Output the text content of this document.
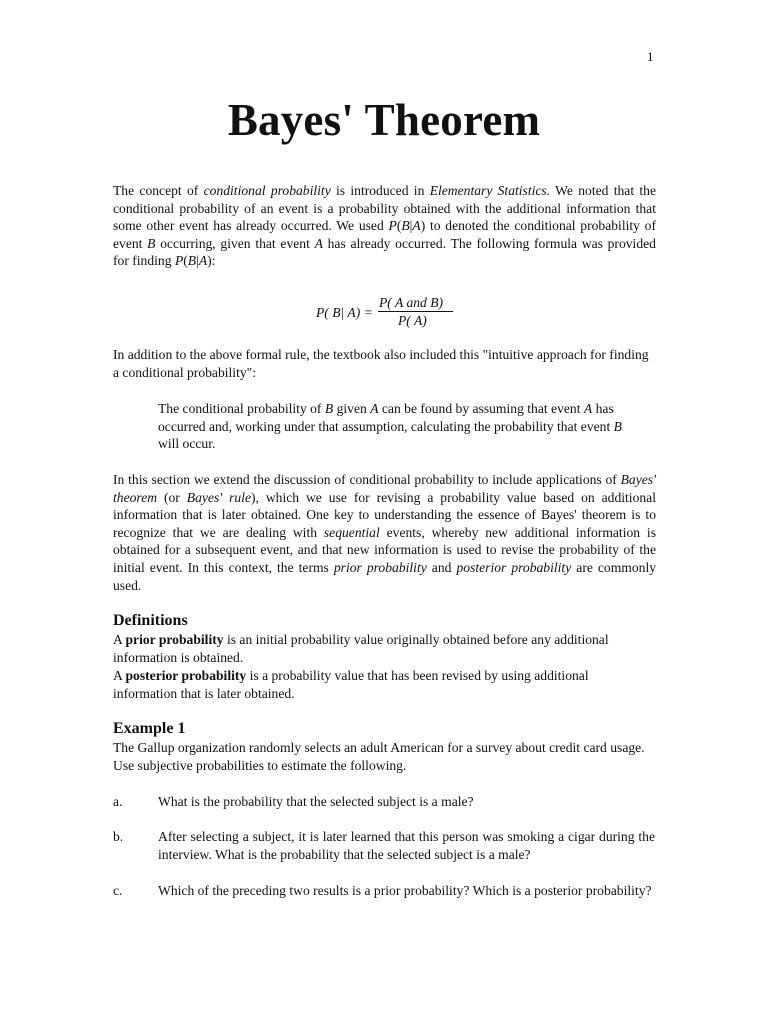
1
Bayes' Theorem
The concept of conditional probability is introduced in Elementary Statistics. We noted that the conditional probability of an event is a probability obtained with the additional information that some other event has already occurred. We used P(B|A) to denoted the conditional probability of event B occurring, given that event A has already occurred. The following formula was provided for finding P(B|A):
P( B| A) =
P( A and B)
P( A)
In addition to the above formal rule, the textbook also included this "intuitive approach for finding a conditional probability":
The conditional probability of B given A can be found by assuming that event A has occurred and, working under that assumption, calculating the probability that event B will occur.
In this section we extend the discussion of conditional probability to include applications of Bayes' theorem (or Bayes' rule), which we use for revising a probability value based on additional information that is later obtained. One key to understanding the essence of Bayes' theorem is to recognize that we are dealing with sequential events, whereby new additional information is obtained for a subsequent event, and that new information is used to revise the probability of the initial event. In this context, the terms prior probability and posterior probability are commonly used.
Definitions
A prior probability is an initial probability value originally obtained before any additional information is obtained.
A posterior probability is a probability value that has been revised by using additional information that is later obtained.
Example 1
The Gallup organization randomly selects an adult American for a survey about credit card usage. Use subjective probabilities to estimate the following.
a.	What is the probability that the selected subject is a male?
b.	After selecting a subject, it is later learned that this person was smoking a cigar during the interview. What is the probability that the selected subject is a male?
c.	Which of the preceding two results is a prior probability? Which is a posterior probability?
